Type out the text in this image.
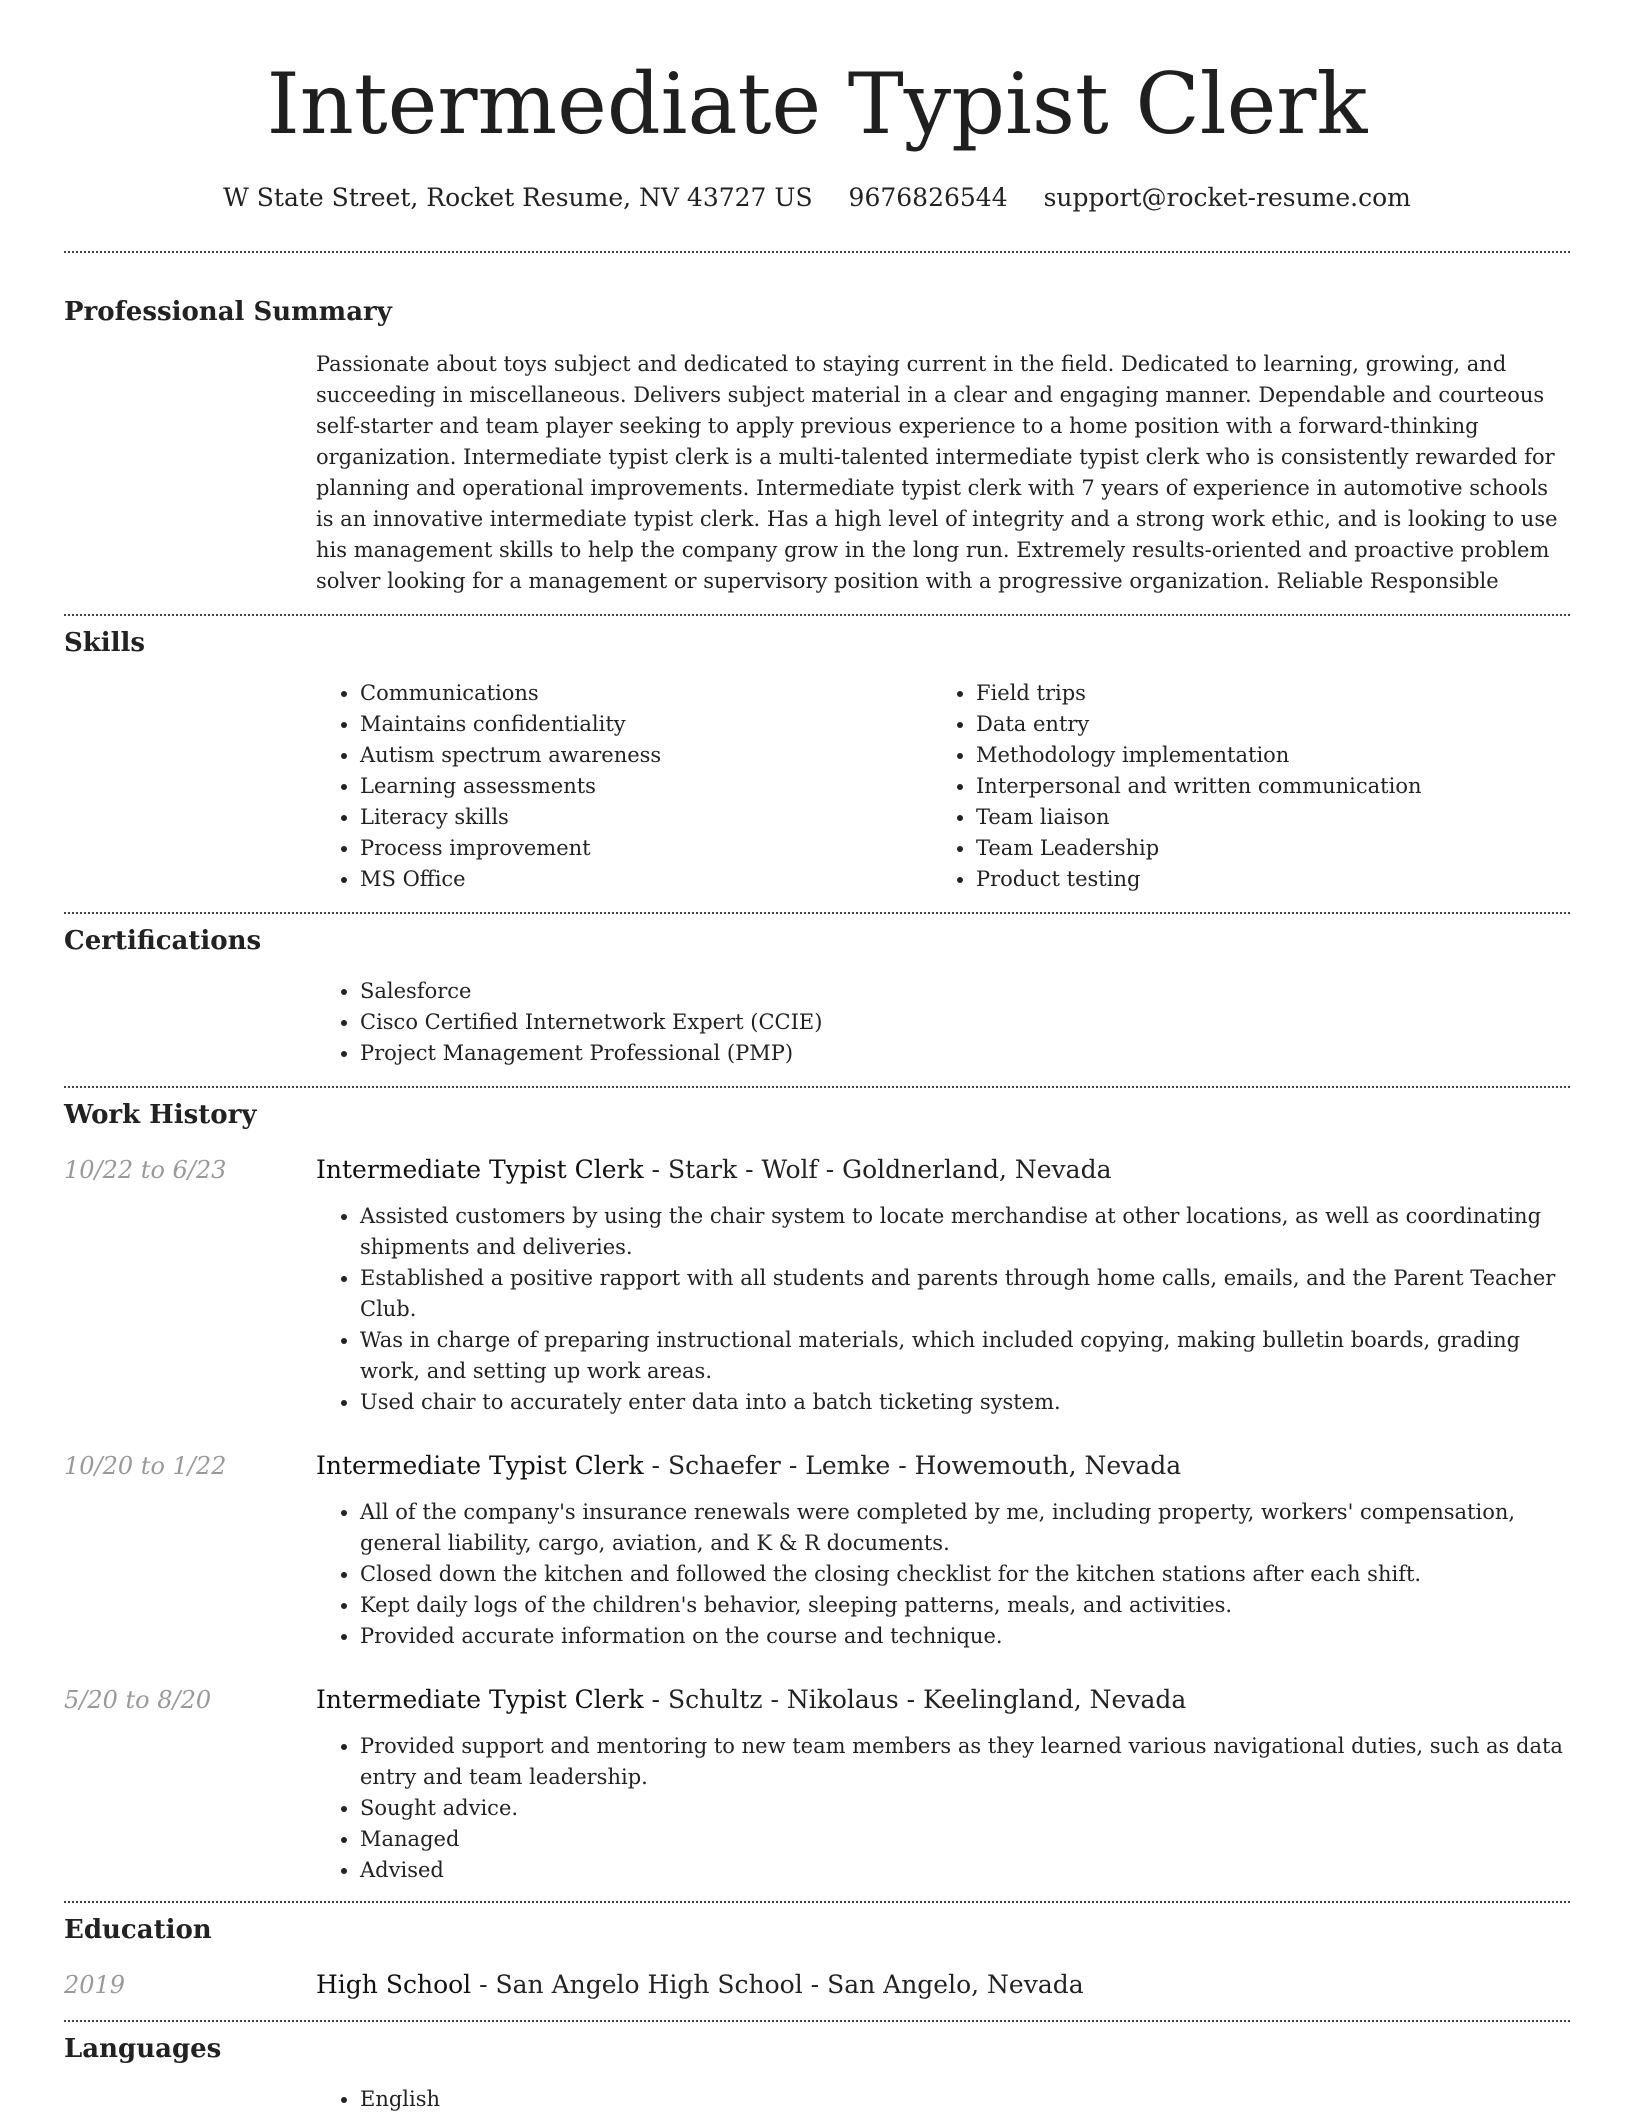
Intermediate Typist Clerk
W State Street, Rocket Resume, NV 43727 US 9676826544 support@rocket-resume.com
Professional Summary

Passionate about toys subject and dedicated to staying current in the field. Dedicated to learning, growing, and succeeding in miscellaneous. Delivers subject material in a clear and engaging manner. Dependable and courteous self-starter and team player seeking to apply previous experience to a home position with a forward-thinking organization. Intermediate typist clerk is a multi-talented intermediate typist clerk who is consistently rewarded for planning and operational improvements. Intermediate typist clerk with 7 years of experience in automotive schools is an innovative intermediate typist clerk. Has a high level of integrity and a strong work ethic, and is looking to use his management skills to help the company grow in the long run. Extremely results-oriented and proactive problem solver looking for a management or supervisory position with a progressive organization. Reliable Responsible

Skills
• Communications
• Maintains confidentiality
• Autism spectrum awareness
• Learning assessments
• Literacy skills
• Process improvement
• MS Office
• Field trips
• Data entry
• Methodology implementation
• Interpersonal and written communication
• Team liaison
• Team Leadership
• Product testing
Certifications
• Salesforce
• Cisco Certified Internetwork Expert (CCIE)
• Project Management Professional (PMP)
Work History
10/22 to 6/23	Intermediate Typist Clerk - Stark - Wolf - Goldnerland, Nevada
• Assisted customers by using the chair system to locate merchandise at other locations, as well as coordinating shipments and deliveries.
• Established a positive rapport with all students and parents through home calls, emails, and the Parent Teacher Club.
• Was in charge of preparing instructional materials, which included copying, making bulletin boards, grading work, and setting up work areas.
• Used chair to accurately enter data into a batch ticketing system.
10/20 to 1/22	Intermediate Typist Clerk - Schaefer - Lemke - Howemouth, Nevada
• All of the company's insurance renewals were completed by me, including property, workers' compensation, general liability, cargo, aviation, and K & R documents.
• Closed down the kitchen and followed the closing checklist for the kitchen stations after each shift.
• Kept daily logs of the children's behavior, sleeping patterns, meals, and activities.
• Provided accurate information on the course and technique.
5/20 to 8/20	Intermediate Typist Clerk - Schultz - Nikolaus - Keelingland, Nevada
• Provided support and mentoring to new team members as they learned various navigational duties, such as data entry and team leadership.
• Sought advice.
• Managed
• Advised
Education
2019	High School - San Angelo High School - San Angelo, Nevada
Languages
• English
